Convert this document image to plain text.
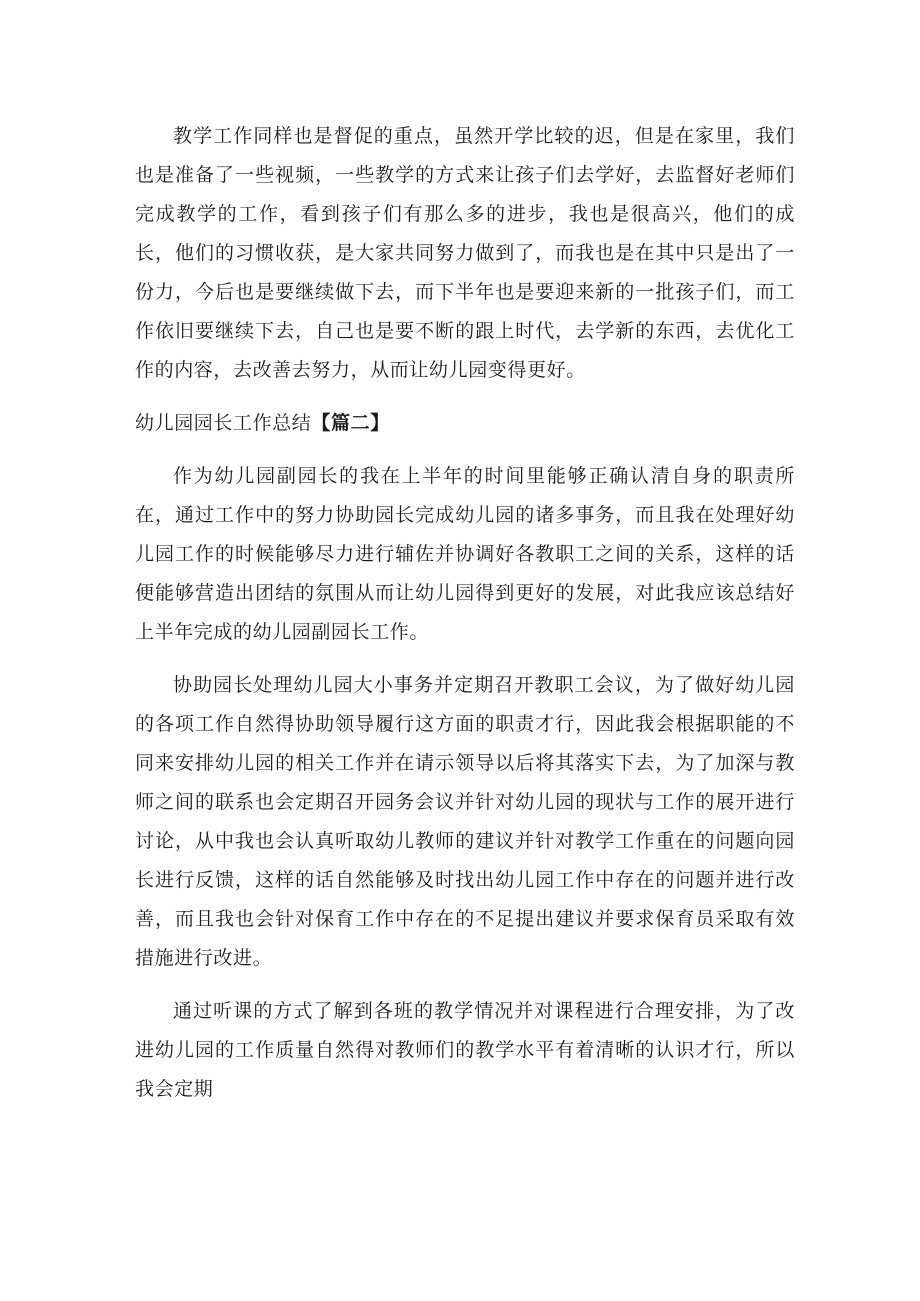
教学工作同样也是督促的重点，虽然开学比较的迟，但是在家里，我们也是准备了一些视频，一些教学的方式来让孩子们去学好，去监督好老师们完成教学的工作，看到孩子们有那么多的进步，我也是很高兴，他们的成长，他们的习惯收获，是大家共同努力做到了，而我也是在其中只是出了一份力，今后也是要继续做下去，而下半年也是要迎来新的一批孩子们，而工作依旧要继续下去，自己也是要不断的跟上时代，去学新的东西，去优化工作的内容，去改善去努力，从而让幼儿园变得更好。

幼儿园园长工作总结【篇二】

作为幼儿园副园长的我在上半年的时间里能够正确认清自身的职责所在，通过工作中的努力协助园长完成幼儿园的诸多事务，而且我在处理好幼儿园工作的时候能够尽力进行辅佐并协调好各教职工之间的关系，这样的话便能够营造出团结的氛围从而让幼儿园得到更好的发展，对此我应该总结好上半年完成的幼儿园副园长工作。

协助园长处理幼儿园大小事务并定期召开教职工会议，为了做好幼儿园的各项工作自然得协助领导履行这方面的职责才行，因此我会根据职能的不同来安排幼儿园的相关工作并在请示领导以后将其落实下去，为了加深与教师之间的联系也会定期召开园务会议并针对幼儿园的现状与工作的展开进行讨论，从中我也会认真听取幼儿教师的建议并针对教学工作重在的问题向园长进行反馈，这样的话自然能够及时找出幼儿园工作中存在的问题并进行改善，而且我也会针对保育工作中存在的不足提出建议并要求保育员采取有效措施进行改进。

通过听课的方式了解到各班的教学情况并对课程进行合理安排，为了改进幼儿园的工作质量自然得对教师们的教学水平有着清晰的认识才行，所以我会定期
